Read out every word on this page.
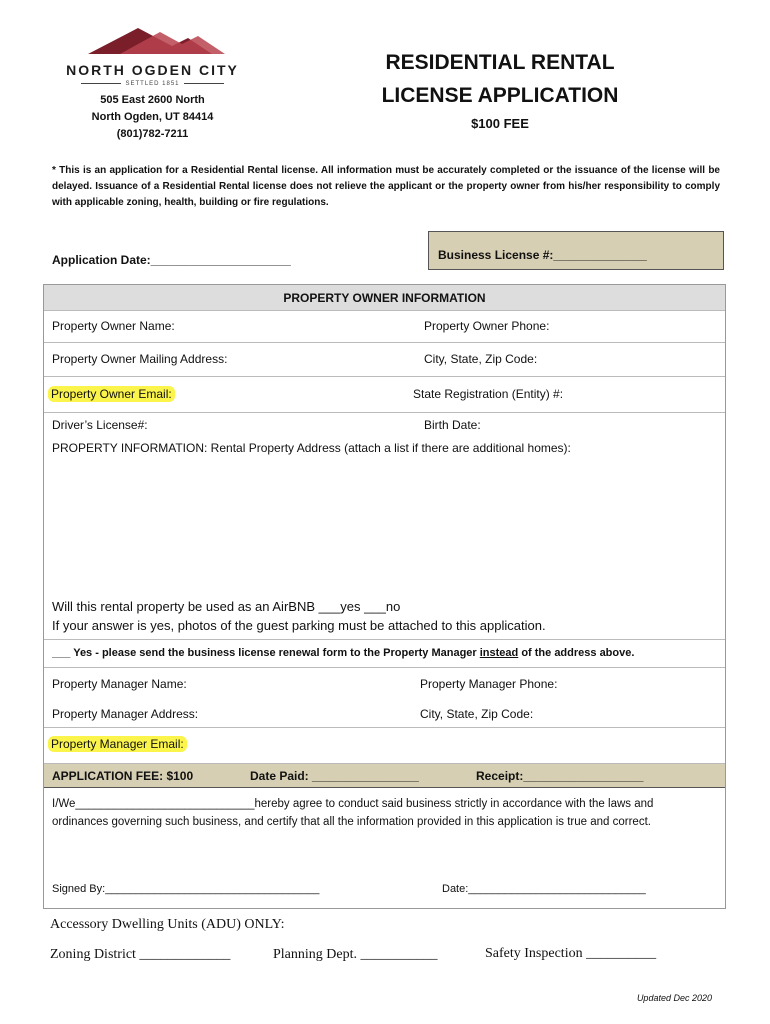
NORTH OGDEN CITY
SETTLED 1851
505 East 2600 North
North Ogden, UT 84414
(801)782-7211
RESIDENTIAL RENTAL
LICENSE APPLICATION
$100 FEE
* This is an application for a Residential Rental license. All information must be accurately completed or the issuance of the license will be delayed. Issuance of a Residential Rental license does not relieve the applicant or the property owner from his/her responsibility to comply with applicable zoning, health, building or fire regulations.
Application Date:_____________________	Business License #:______________
PROPERTY OWNER INFORMATION
Property Owner Name:	Property Owner Phone:
Property Owner Mailing Address:	City, State, Zip Code:
Property Owner Email:	State Registration (Entity) #:
Driver’s License#:	Birth Date:
PROPERTY INFORMATION: Rental Property Address (attach a list if there are additional homes):
Will this rental property be used as an AirBNB ___yes ___no
If your answer is yes, photos of the guest parking must be attached to this application.
___ Yes - please send the business license renewal form to the Property Manager instead of the address above.
Property Manager Name:	Property Manager Phone:
Property Manager Address:	City, State, Zip Code:
Property Manager Email:
APPLICATION FEE: $100	Date Paid: ________________	Receipt:__________________
I/We____________________________hereby agree to conduct said business strictly in accordance with the laws and
ordinances governing such business, and certify that all the information provided in this application is true and correct.
Signed By:___________________________________	Date:_____________________________
Accessory Dwelling Units (ADU) ONLY:
Zoning District _____________	Planning Dept. ___________	Safety Inspection __________
Updated Dec 2020
